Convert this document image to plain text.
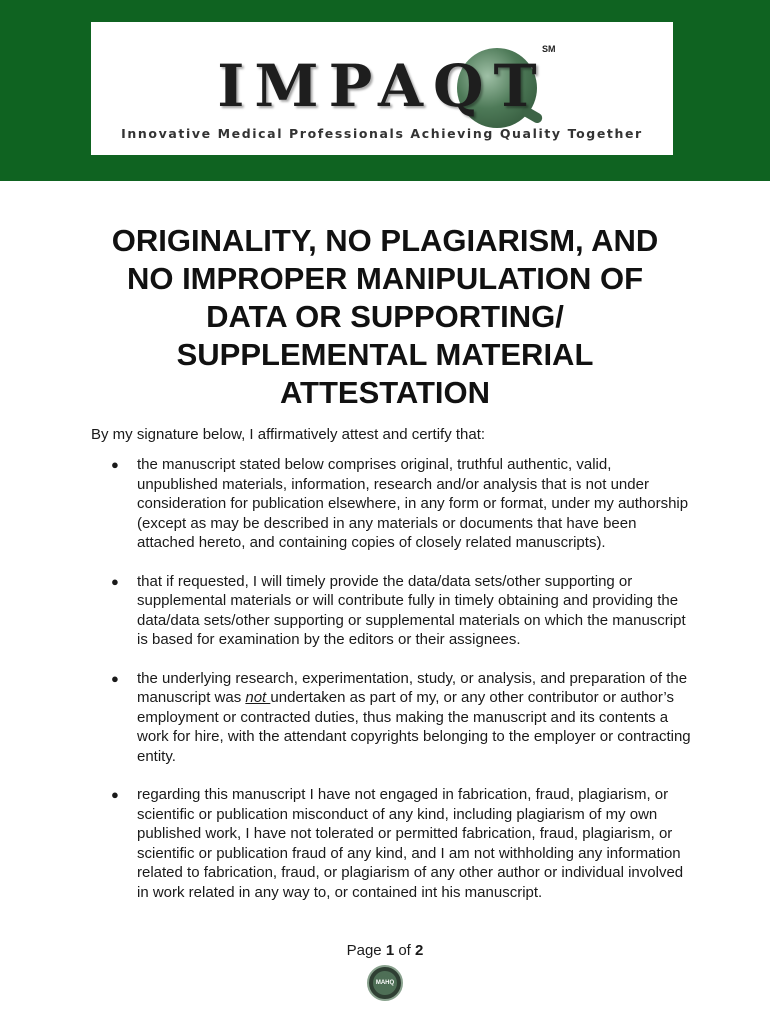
IMPAQT
SM
Innovative Medical Professionals Achieving Quality Together
ORIGINALITY, NO PLAGIARISM, AND
NO IMPROPER MANIPULATION OF
DATA OR SUPPORTING/
SUPPLEMENTAL MATERIAL
ATTESTATION

By my signature below, I affirmatively attest and certify that:

● the manuscript stated below comprises original, truthful authentic, valid, unpublished materials, information, research and/or analysis that is not under consideration for publication elsewhere, in any form or format, under my authorship (except as may be described in any materials or documents that have been attached hereto, and containing copies of closely related manuscripts).
● that if requested, I will timely provide the data/data sets/other supporting or supplemental materials or will contribute fully in timely obtaining and providing the data/data sets/other supporting or supplemental materials on which the manuscript is based for examination by the editors or their assignees.
● the underlying research, experimentation, study, or analysis, and preparation of the manuscript was not undertaken as part of my, or any other contributor or author’s employment or contracted duties, thus making the manuscript and its contents a work for hire, with the attendant copyrights belonging to the employer or contracting entity.
● regarding this manuscript I have not engaged in fabrication, fraud, plagiarism, or scientific or publication misconduct of any kind, including plagiarism of my own published work, I have not tolerated or permitted fabrication, fraud, plagiarism, or scientific or publication fraud of any kind, and I am not withholding any information related to fabrication, fraud, or plagiarism of any other author or individual involved in work related in any way to, or contained int his manuscript.
Page 1 of 2
MAHQ
